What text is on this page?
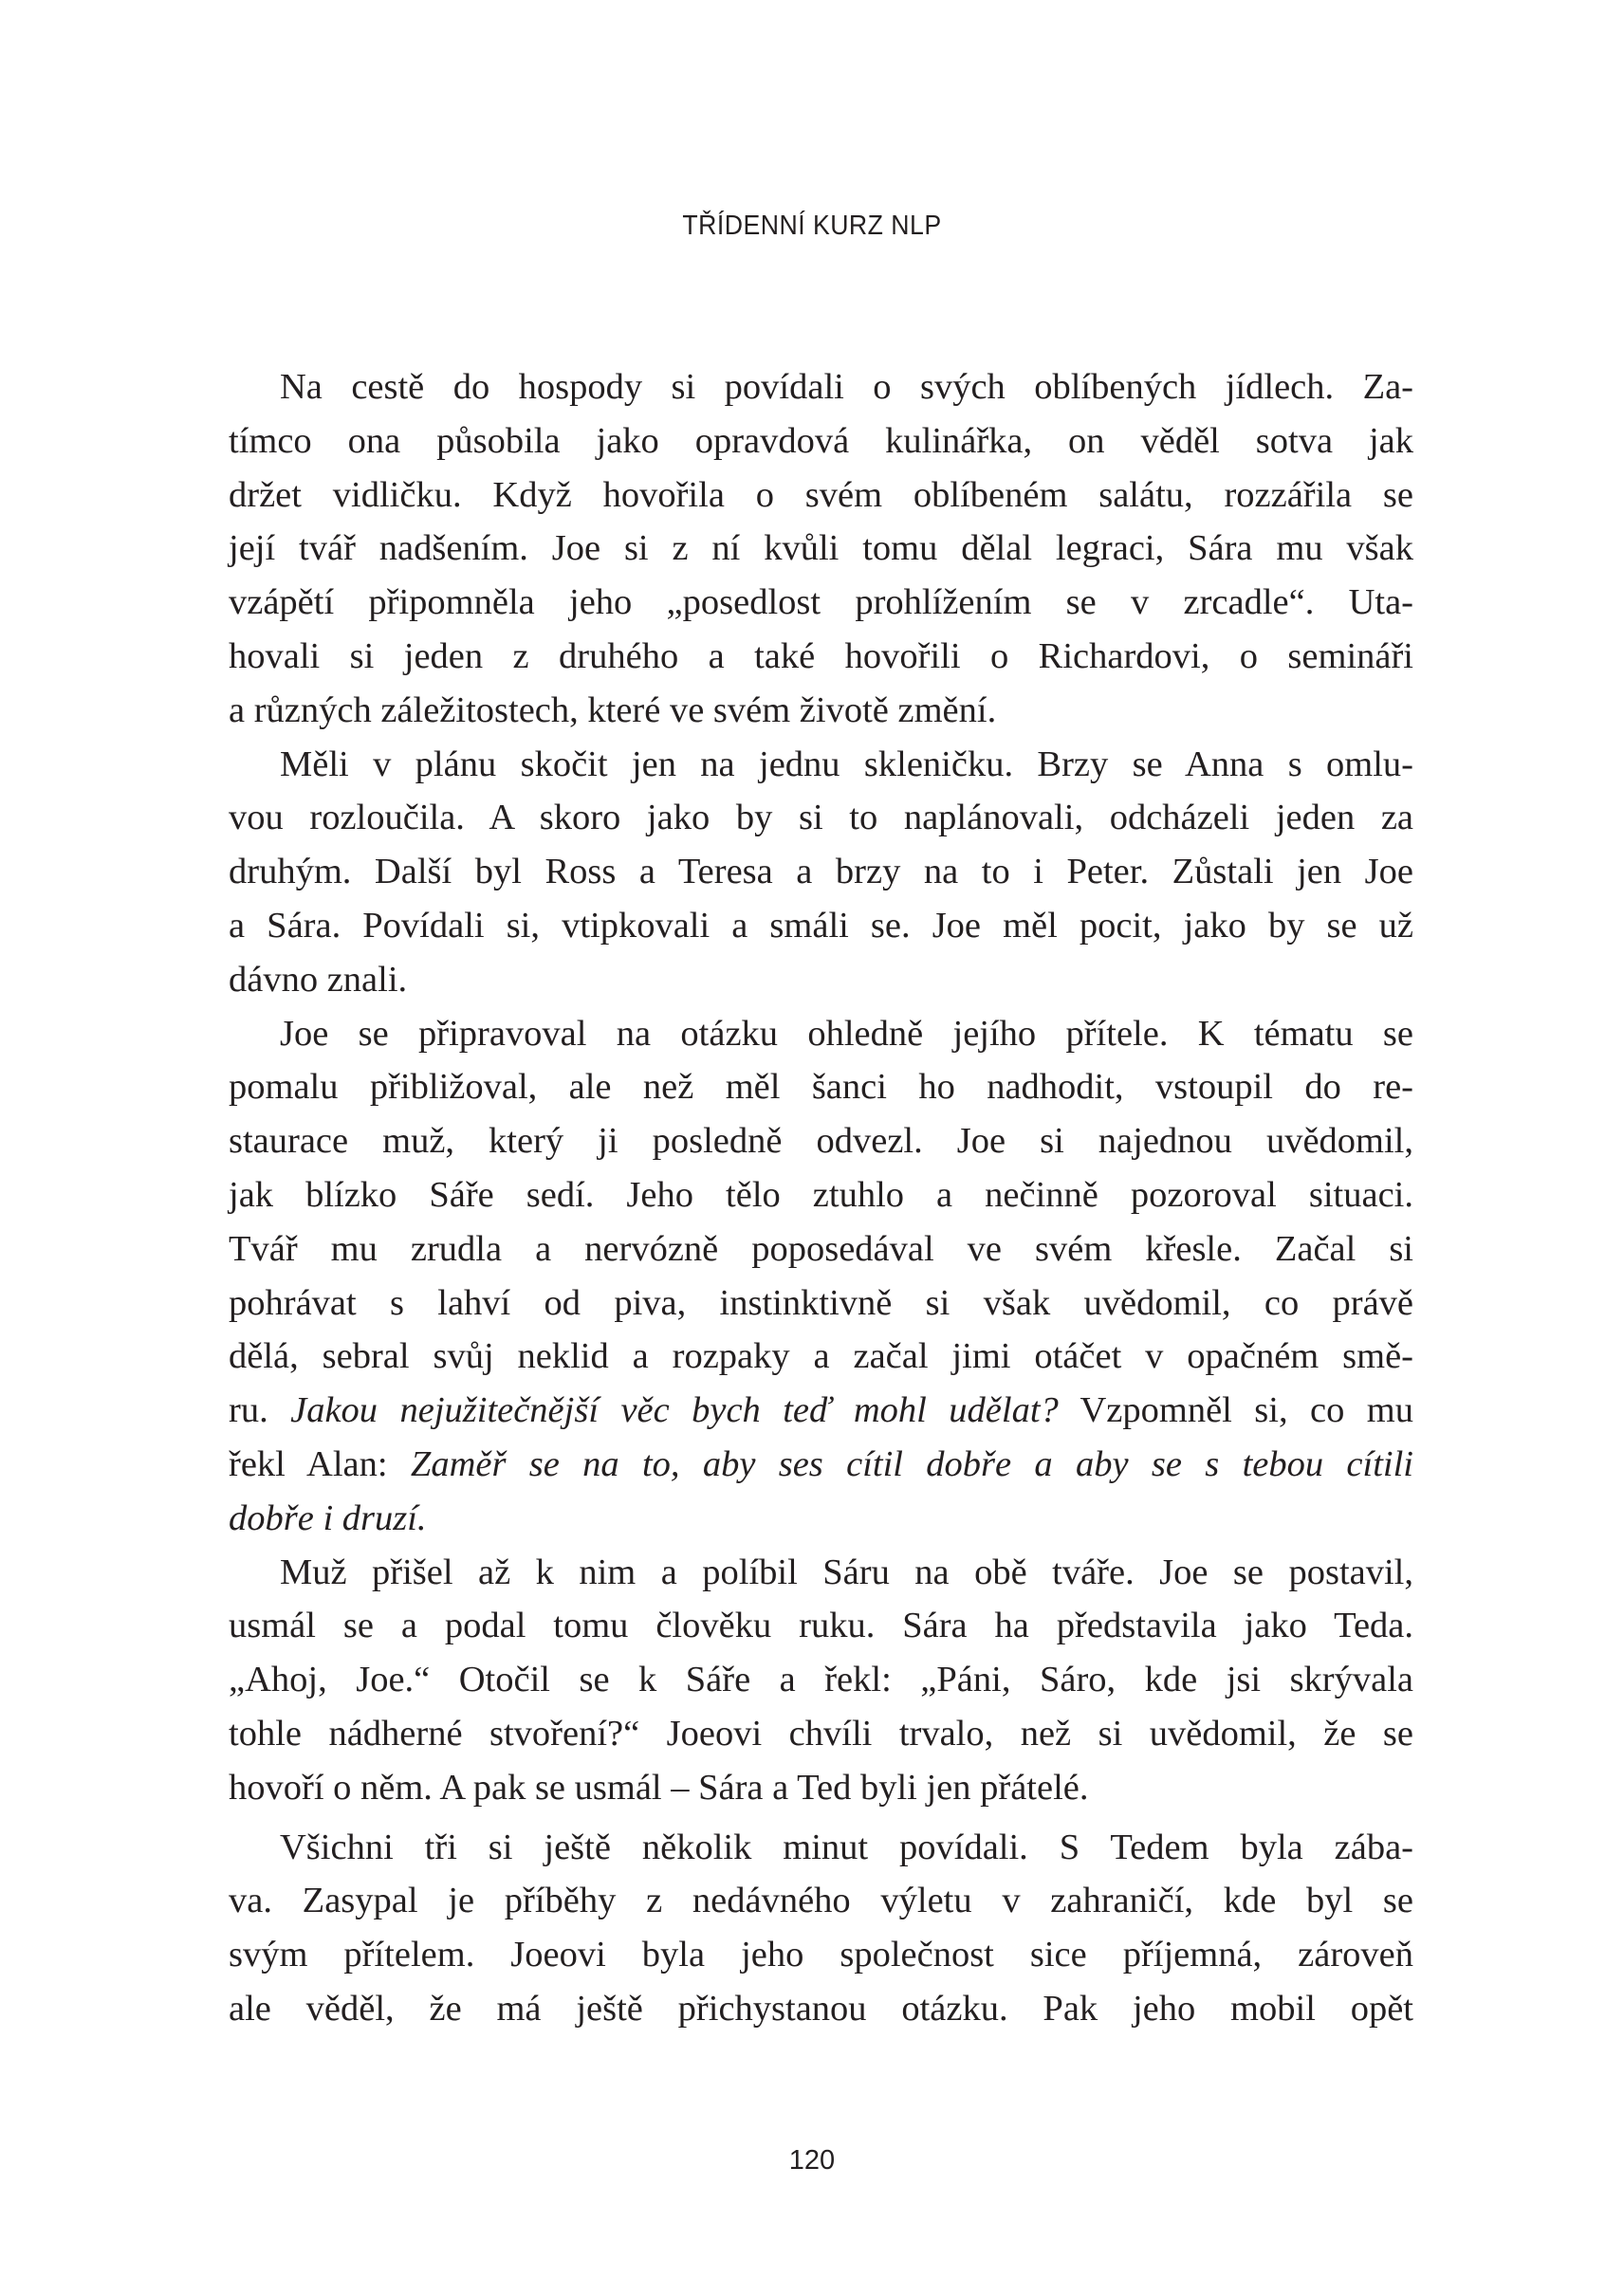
TŘÍDENNÍ KURZ NLP
Na cestě do hospody si povídali o svých oblíbených jídlech. Za-
tímco ona působila jako opravdová kulinářka, on věděl sotva jak
držet vidličku. Když hovořila o svém oblíbeném salátu, rozzářila se
její tvář nadšením. Joe si z ní kvůli tomu dělal legraci, Sára mu však
vzápětí připomněla jeho „posedlost prohlížením se v zrcadle“. Uta-
hovali si jeden z druhého a také hovořili o Richardovi, o semináři
a různých záležitostech, které ve svém životě změní.
Měli v plánu skočit jen na jednu skleničku. Brzy se Anna s omlu-
vou rozloučila. A skoro jako by si to naplánovali, odcházeli jeden za
druhým. Další byl Ross a Teresa a brzy na to i Peter. Zůstali jen Joe
a Sára. Povídali si, vtipkovali a smáli se. Joe měl pocit, jako by se už
dávno znali.
Joe se připravoval na otázku ohledně jejího přítele. K tématu se
pomalu přibližoval, ale než měl šanci ho nadhodit, vstoupil do re-
staurace muž, který ji posledně odvezl. Joe si najednou uvědomil,
jak blízko Sáře sedí. Jeho tělo ztuhlo a nečinně pozoroval situaci.
Tvář mu zrudla a nervózně poposedával ve svém křesle. Začal si
pohrávat s lahví od piva, instinktivně si však uvědomil, co právě
dělá, sebral svůj neklid a rozpaky a začal jimi otáčet v opačném smě-
ru. Jakou nejužitečnější věc bych teď mohl udělat? Vzpomněl si, co mu
řekl Alan: Zaměř se na to, aby ses cítil dobře a aby se s tebou cítili
dobře i druzí.
Muž přišel až k nim a políbil Sáru na obě tváře. Joe se postavil,
usmál se a podal tomu člověku ruku. Sára ha představila jako Teda.
„Ahoj, Joe.“ Otočil se k Sáře a řekl: „Páni, Sáro, kde jsi skrývala
tohle nádherné stvoření?“ Joeovi chvíli trvalo, než si uvědomil, že se
hovoří o něm. A pak se usmál – Sára a Ted byli jen přátelé.
Všichni tři si ještě několik minut povídali. S Tedem byla zába-
va. Zasypal je příběhy z nedávného výletu v zahraničí, kde byl se
svým přítelem. Joeovi byla jeho společnost sice příjemná, zároveň
ale věděl, že má ještě přichystanou otázku. Pak jeho mobil opět
120
